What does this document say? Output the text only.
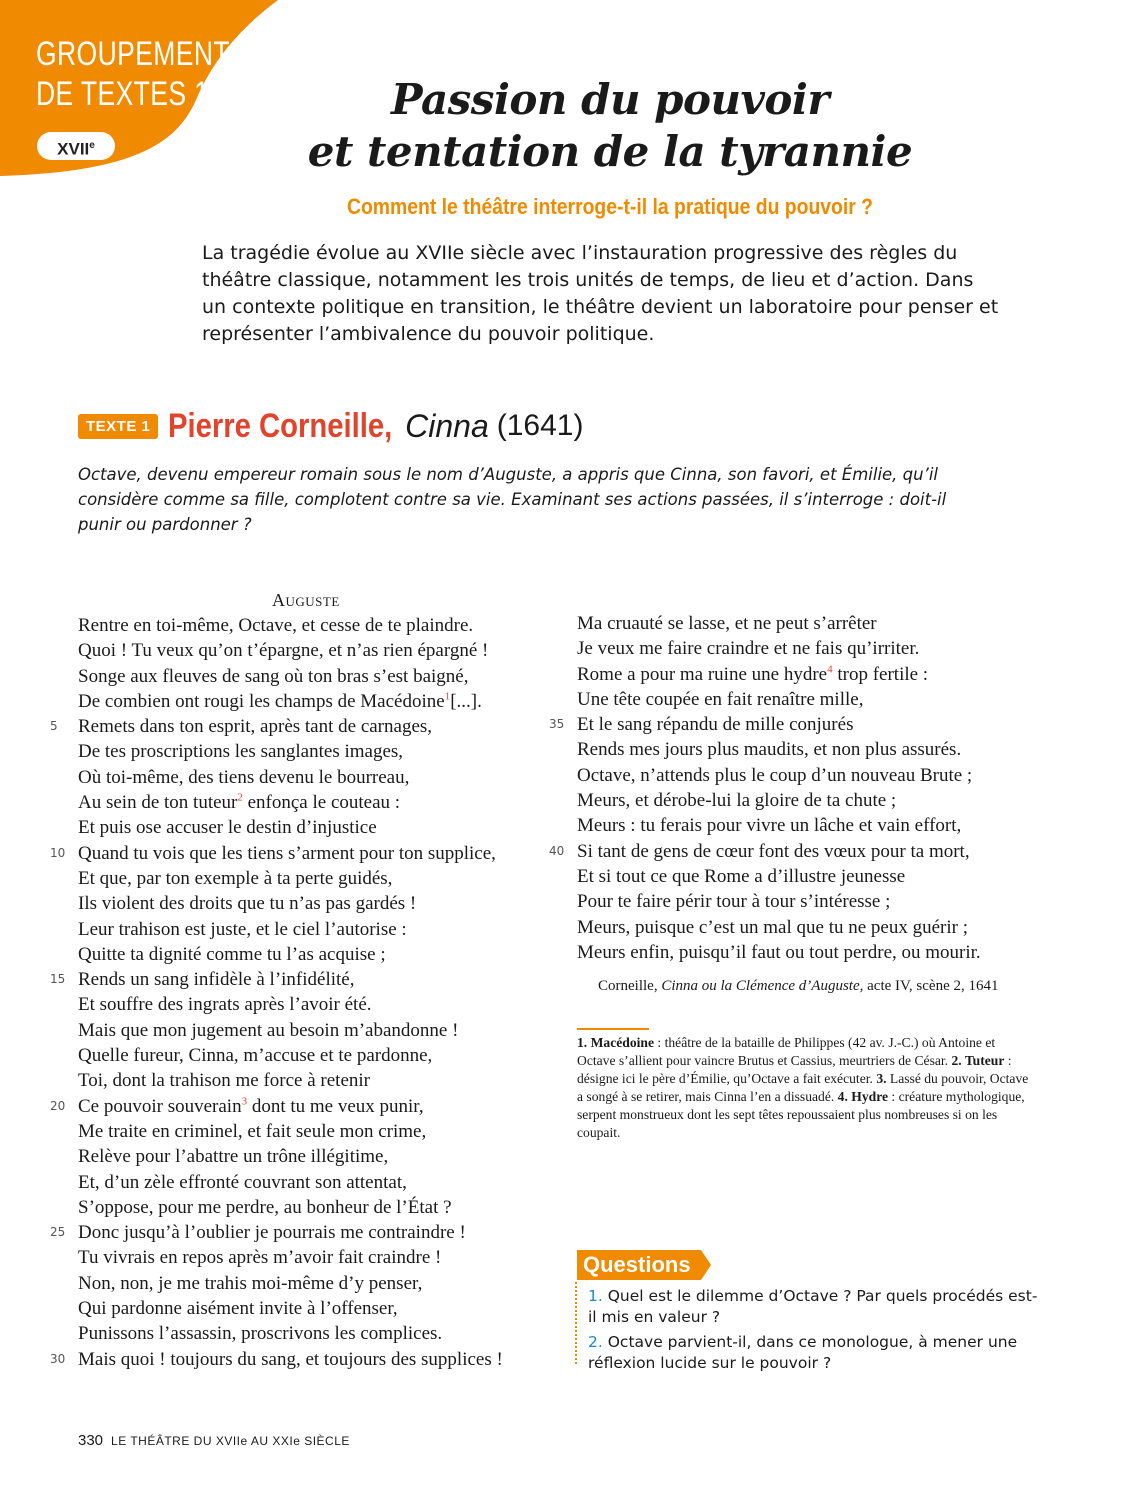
GROUPEMENT
DE TEXTES 1
XVIIe
Passion du pouvoir
et tentation de la tyrannie
Comment le théâtre interroge-t-il la pratique du pouvoir ?
La tragédie évolue au XVIIe siècle avec l’instauration progressive des règles du théâtre classique, notamment les trois unités de temps, de lieu et d’action. Dans un contexte politique en transition, le théâtre devient un laboratoire pour penser et représenter l’ambivalence du pouvoir politique.
TEXTE 1 Pierre Corneille, Cinna (1641)
Octave, devenu empereur romain sous le nom d’Auguste, a appris que Cinna, son favori, et Émilie, qu’il considère comme sa fille, complotent contre sa vie. Examinant ses actions passées, il s’interroge : doit-il punir ou pardonner ?
Auguste
Rentre en toi-même, Octave, et cesse de te plaindre.
Quoi ! Tu veux qu’on t’épargne, et n’as rien épargné !
Songe aux fleuves de sang où ton bras s’est baigné,
De combien ont rougi les champs de Macédoine$^1$[...].
5	Remets dans ton esprit, après tant de carnages,
De tes proscriptions les sanglantes images,
Où toi-même, des tiens devenu le bourreau,
Au sein de ton tuteur$^2$ enfonça le couteau :
Et puis ose accuser le destin d’injustice
10 Quand tu vois que les tiens s’arment pour ton supplice,
Et que, par ton exemple à ta perte guidés,
Ils violent des droits que tu n’as pas gardés !
Leur trahison est juste, et le ciel l’autorise :
Quitte ta dignité comme tu l’as acquise ;
15 Rends un sang infidèle à l’infidélité,
Et souffre des ingrats après l’avoir été.
Mais que mon jugement au besoin m’abandonne !
Quelle fureur, Cinna, m’accuse et te pardonne,
Toi, dont la trahison me force à retenir
20 Ce pouvoir souverain$^3$ dont tu me veux punir,
Me traite en criminel, et fait seule mon crime,
Relève pour l’abattre un trône illégitime,
Et, d’un zèle effronté couvrant son attentat,
S’oppose, pour me perdre, au bonheur de l’État ?
25 Donc jusqu’à l’oublier je pourrais me contraindre !
Tu vivrais en repos après m’avoir fait craindre !
Non, non, je me trahis moi-même d’y penser,
Qui pardonne aisément invite à l’offenser,
Punissons l’assassin, proscrivons les complices.
30 Mais quoi ! toujours du sang, et toujours des supplices !
Ma cruauté se lasse, et ne peut s’arrêter
Je veux me faire craindre et ne fais qu’irriter.
Rome a pour ma ruine une hydre$^4$ trop fertile :
Une tête coupée en fait renaître mille,
35 Et le sang répandu de mille conjurés
Rends mes jours plus maudits, et non plus assurés.
Octave, n’attends plus le coup d’un nouveau Brute ;
Meurs, et dérobe-lui la gloire de ta chute ;
Meurs : tu ferais pour vivre un lâche et vain effort,
40 Si tant de gens de cœur font des vœux pour ta mort,
Et si tout ce que Rome a d’illustre jeunesse
Pour te faire périr tour à tour s’intéresse ;
Meurs, puisque c’est un mal que tu ne peux guérir ;
Meurs enfin, puisqu’il faut ou tout perdre, ou mourir.
Corneille, Cinna ou la Clémence d’Auguste, acte IV, scène 2, 1641
1. Macédoine : théâtre de la bataille de Philippes (42 av. J.-C.) où Antoine et Octave s’allient pour vaincre Brutus et Cassius, meurtriers de César. 2. Tuteur : désigne ici le père d’Émilie, qu’Octave a fait exécuter. 3. Lassé du pouvoir, Octave a songé à se retirer, mais Cinna l’en a dissuadé. 4. Hydre : créature mythologique, serpent monstrueux dont les sept têtes repoussaient plus nombreuses si on les coupait.
Questions
1. Quel est le dilemme d’Octave ? Par quels procédés est-il mis en valeur ?
2. Octave parvient-il, dans ce monologue, à mener une réflexion lucide sur le pouvoir ?
330 LE THÉÂTRE DU XVIIe AU XXIe SIÈCLE
